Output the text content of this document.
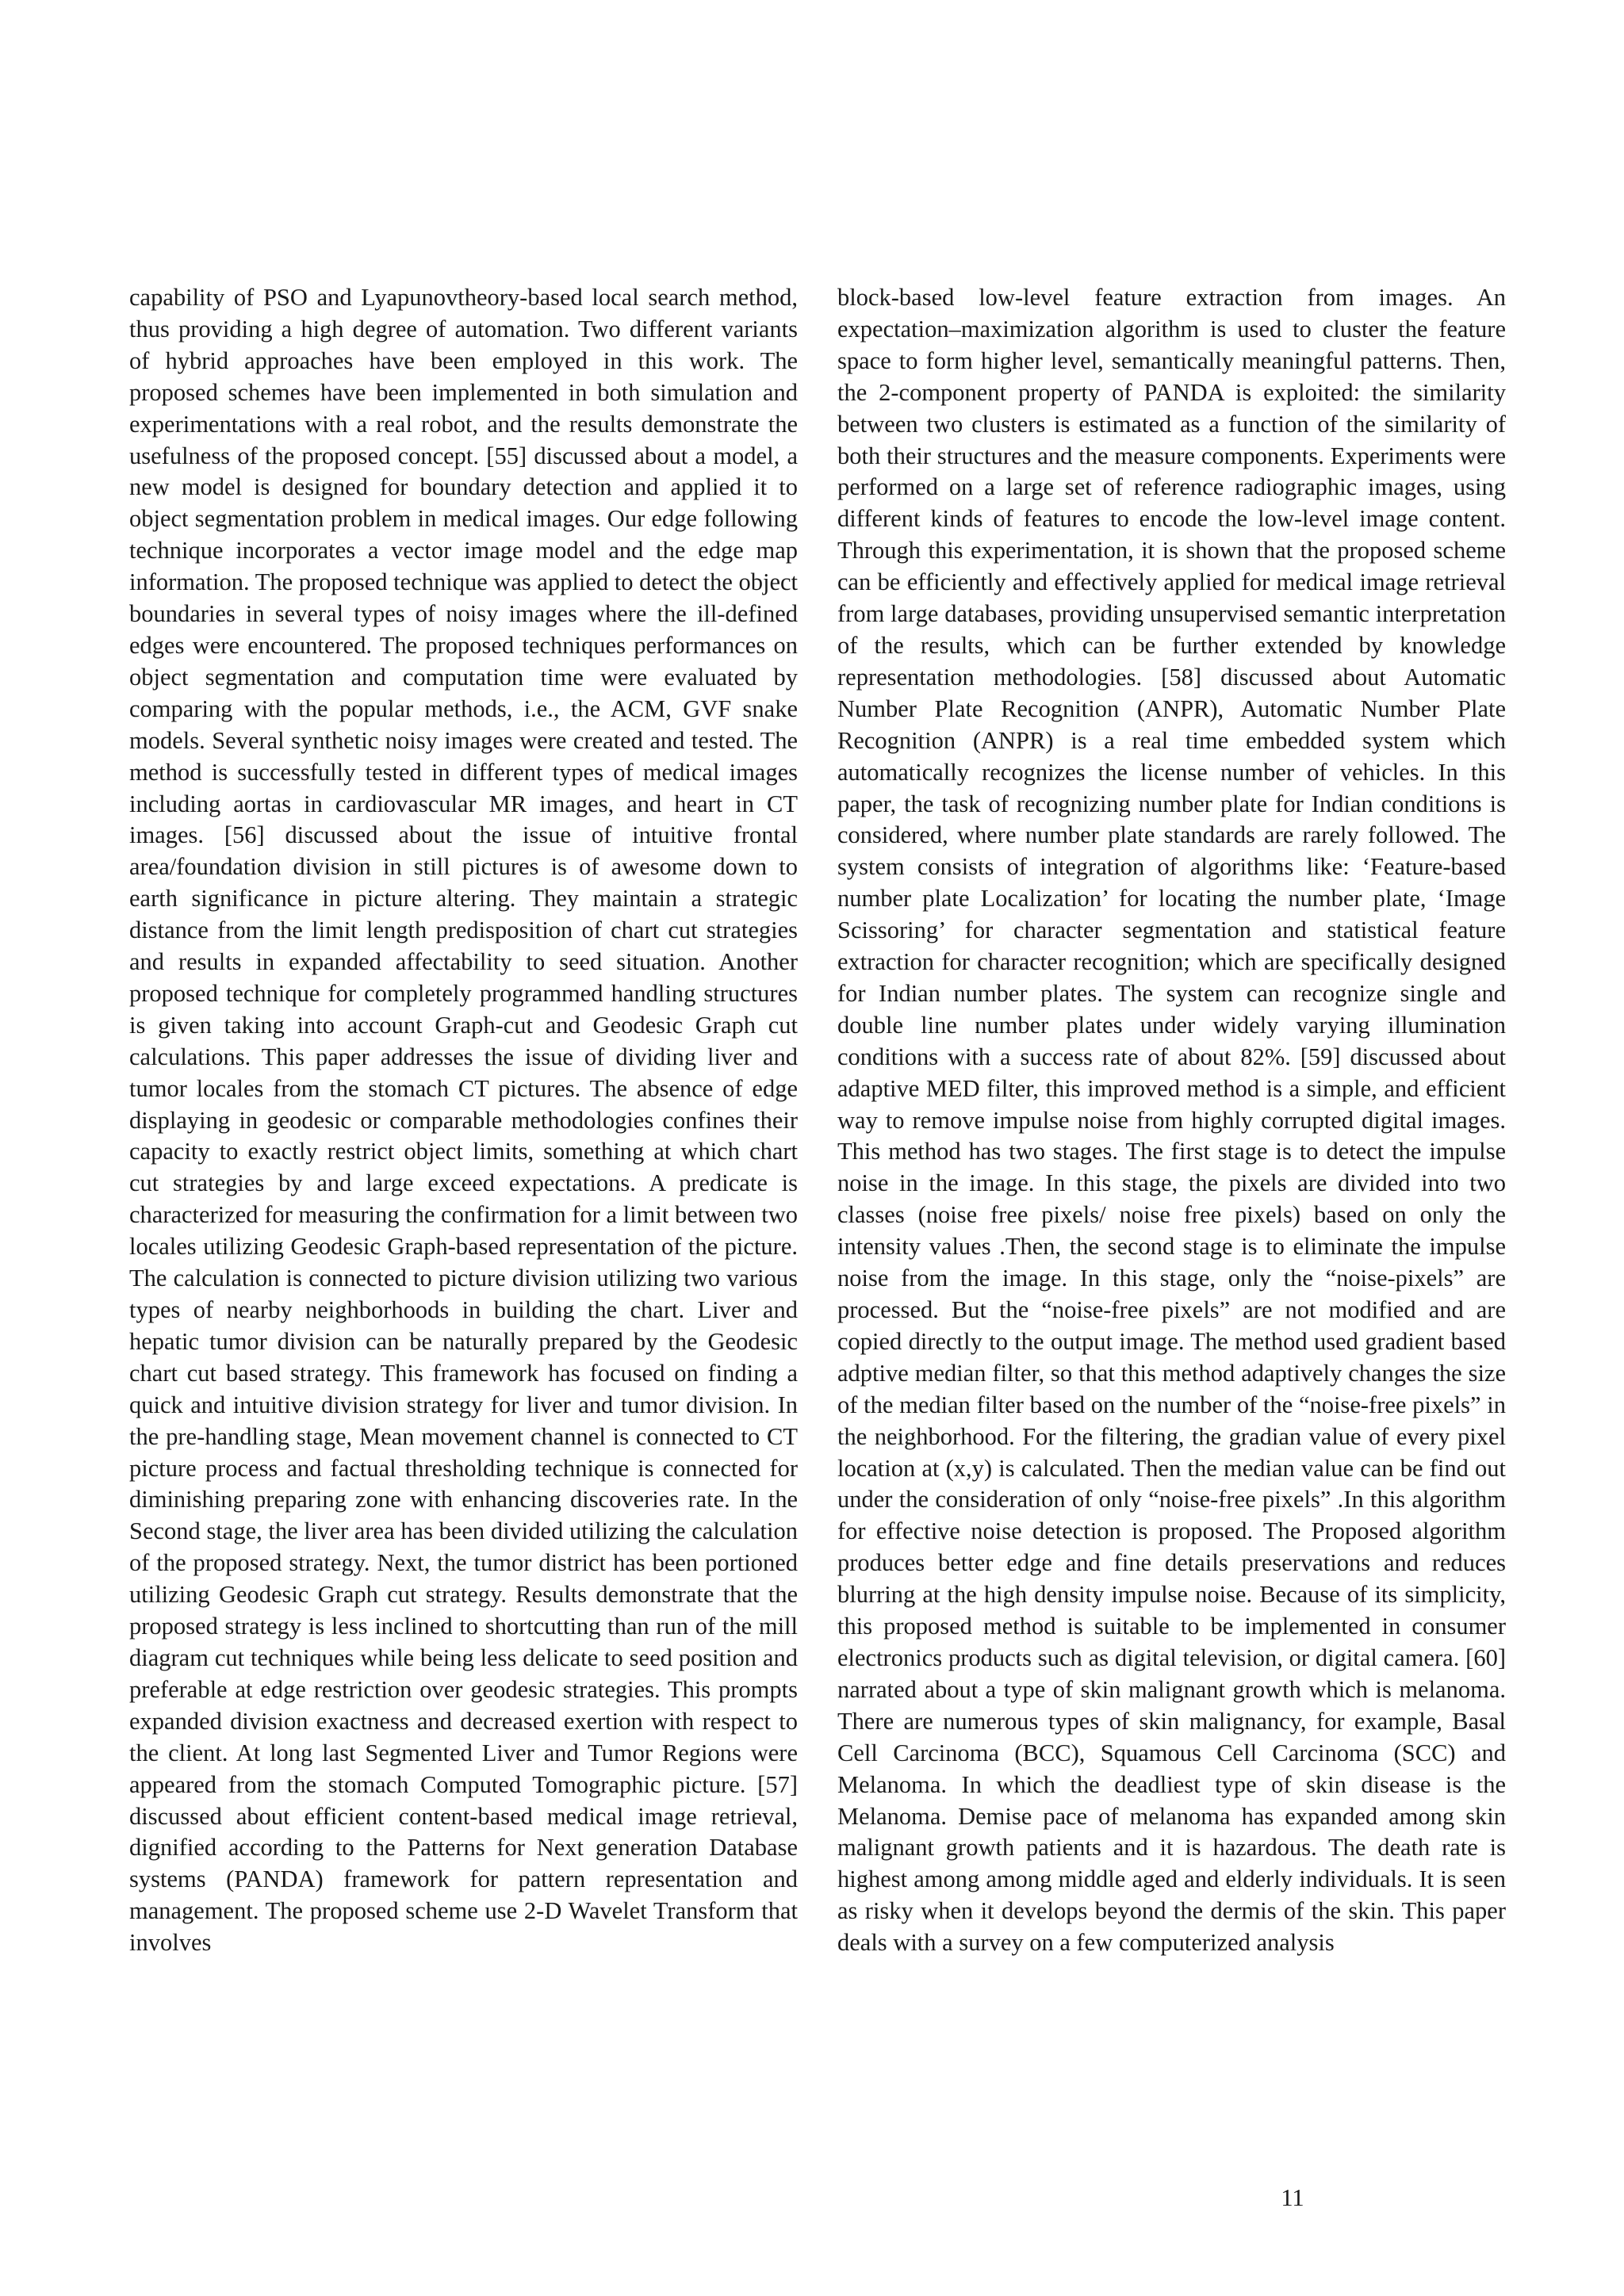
capability of PSO and Lyapunovtheory-based local search method, thus providing a high degree of automation. Two different variants of hybrid approaches have been employed in this work. The proposed schemes have been implemented in both simulation and experimentations with a real robot, and the results demonstrate the usefulness of the proposed concept. [55] discussed about a model, a new model is designed for boundary detection and applied it to object segmentation problem in medical images. Our edge following technique incorporates a vector image model and the edge map information. The proposed technique was applied to detect the object boundaries in several types of noisy images where the ill-defined edges were encountered. The proposed techniques performances on object segmentation and computation time were evaluated by comparing with the popular methods, i.e., the ACM, GVF snake models. Several synthetic noisy images were created and tested. The method is successfully tested in different types of medical images including aortas in cardiovascular MR images, and heart in CT images. [56] discussed about the issue of intuitive frontal area/foundation division in still pictures is of awesome down to earth significance in picture altering. They maintain a strategic distance from the limit length predisposition of chart cut strategies and results in expanded affectability to seed situation. Another proposed technique for completely programmed handling structures is given taking into account Graph-cut and Geodesic Graph cut calculations. This paper addresses the issue of dividing liver and tumor locales from the stomach CT pictures. The absence of edge displaying in geodesic or comparable methodologies confines their capacity to exactly restrict object limits, something at which chart cut strategies by and large exceed expectations. A predicate is characterized for measuring the confirmation for a limit between two locales utilizing Geodesic Graph-based representation of the picture. The calculation is connected to picture division utilizing two various types of nearby neighborhoods in building the chart. Liver and hepatic tumor division can be naturally prepared by the Geodesic chart cut based strategy. This framework has focused on finding a quick and intuitive division strategy for liver and tumor division. In the pre-handling stage, Mean movement channel is connected to CT picture process and factual thresholding technique is connected for diminishing preparing zone with enhancing discoveries rate. In the Second stage, the liver area has been divided utilizing the calculation of the proposed strategy. Next, the tumor district has been portioned utilizing Geodesic Graph cut strategy. Results demonstrate that the proposed strategy is less inclined to shortcutting than run of the mill diagram cut techniques while being less delicate to seed position and preferable at edge restriction over geodesic strategies. This prompts expanded division exactness and decreased exertion with respect to the client. At long last Segmented Liver and Tumor Regions were appeared from the stomach Computed Tomographic picture. [57] discussed about efficient content-based medical image retrieval, dignified according to the Patterns for Next generation Database systems (PANDA) framework for pattern representation and management. The proposed scheme use 2-D Wavelet Transform that involves

block-based low-level feature extraction from images. An expectation–maximization algorithm is used to cluster the feature space to form higher level, semantically meaningful patterns. Then, the 2-component property of PANDA is exploited: the similarity between two clusters is estimated as a function of the similarity of both their structures and the measure components. Experiments were performed on a large set of reference radiographic images, using different kinds of features to encode the low-level image content. Through this experimentation, it is shown that the proposed scheme can be efficiently and effectively applied for medical image retrieval from large databases, providing unsupervised semantic interpretation of the results, which can be further extended by knowledge representation methodologies. [58] discussed about Automatic Number Plate Recognition (ANPR), Automatic Number Plate Recognition (ANPR) is a real time embedded system which automatically recognizes the license number of vehicles. In this paper, the task of recognizing number plate for Indian conditions is considered, where number plate standards are rarely followed. The system consists of integration of algorithms like: ‘Feature-based number plate Localization’ for locating the number plate, ‘Image Scissoring’ for character segmentation and statistical feature extraction for character recognition; which are specifically designed for Indian number plates. The system can recognize single and double line number plates under widely varying illumination conditions with a success rate of about 82%. [59] discussed about adaptive MED filter, this improved method is a simple, and efficient way to remove impulse noise from highly corrupted digital images. This method has two stages. The first stage is to detect the impulse noise in the image. In this stage, the pixels are divided into two classes (noise free pixels/ noise free pixels) based on only the intensity values .Then, the second stage is to eliminate the impulse noise from the image. In this stage, only the “noise-pixels” are processed. But the “noise-free pixels” are not modified and are copied directly to the output image. The method used gradient based adptive median filter, so that this method adaptively changes the size of the median filter based on the number of the “noise-free pixels” in the neighborhood. For the filtering, the gradian value of every pixel location at (x,y) is calculated. Then the median value can be find out under the consideration of only “noise-free pixels” .In this algorithm for effective noise detection is proposed. The Proposed algorithm produces better edge and fine details preservations and reduces blurring at the high density impulse noise. Because of its simplicity, this proposed method is suitable to be implemented in consumer electronics products such as digital television, or digital camera. [60] narrated about a type of skin malignant growth which is melanoma. There are numerous types of skin malignancy, for example, Basal Cell Carcinoma (BCC), Squamous Cell Carcinoma (SCC) and Melanoma. In which the deadliest type of skin disease is the Melanoma. Demise pace of melanoma has expanded among skin malignant growth patients and it is hazardous. The death rate is highest among among middle aged and elderly individuals. It is seen as risky when it develops beyond the dermis of the skin. This paper deals with a survey on a few computerized analysis

11
